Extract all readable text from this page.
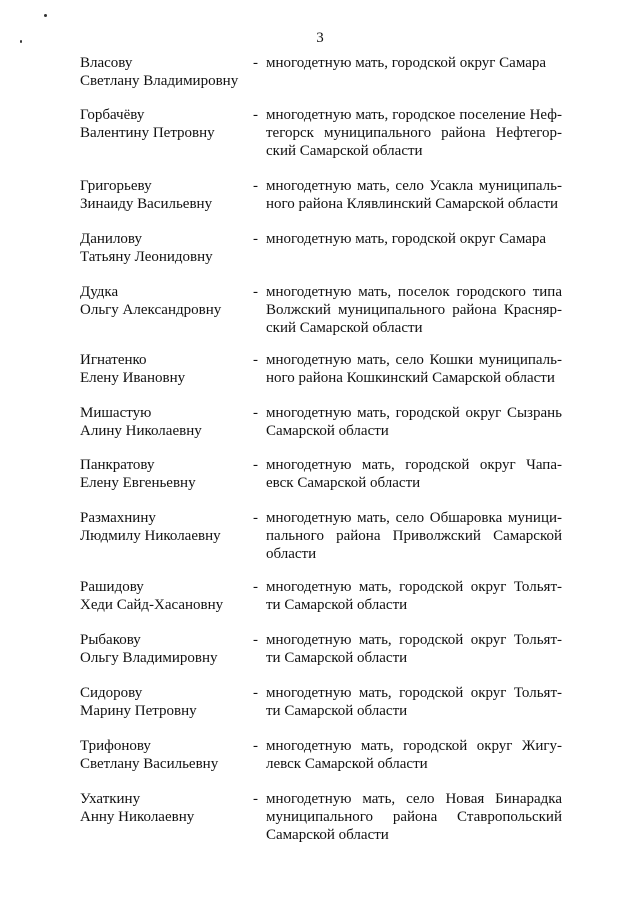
3
Власову
Светлану Владимировну
- многодетную мать, городской округ Самара
Горбачёву
Валентину Петровну
- многодетную мать, городское поселение Неф-
тегорск муниципального района Нефтегор-
ский Самарской области
Григорьеву
Зинаиду Васильевну
- многодетную мать, село Усакла муниципаль-
ного района Клявлинский Самарской области
Данилову
Татьяну Леонидовну
- многодетную мать, городской округ Самара
Дудка
Ольгу Александровну
- многодетную мать, поселок городского типа
Волжский муниципального района Красняр-
ский Самарской области
Игнатенко
Елену Ивановну
- многодетную мать, село Кошки муниципаль-
ного района Кошкинский Самарской области
Мишастую
Алину Николаевну
- многодетную мать, городской округ Сызрань
Самарской области
Панкратову
Елену Евгеньевну
- многодетную мать, городской округ Чапа-
евск Самарской области
Размахнину
Людмилу Николаевну
- многодетную мать, село Обшаровка муници-
пального района Приволжский Самарской
области
Рашидову
Хеди Сайд-Хасановну
- многодетную мать, городской округ Тольят-
ти Самарской области
Рыбакову
Ольгу Владимировну
- многодетную мать, городской округ Тольят-
ти Самарской области
Сидорову
Марину Петровну
- многодетную мать, городской округ Тольят-
ти Самарской области
Трифонову
Светлану Васильевну
- многодетную мать, городской округ Жигу-
левск Самарской области
Ухаткину
Анну Николаевну
- многодетную мать, село Новая Бинарадка
муниципального района Ставропольский
Самарской области
